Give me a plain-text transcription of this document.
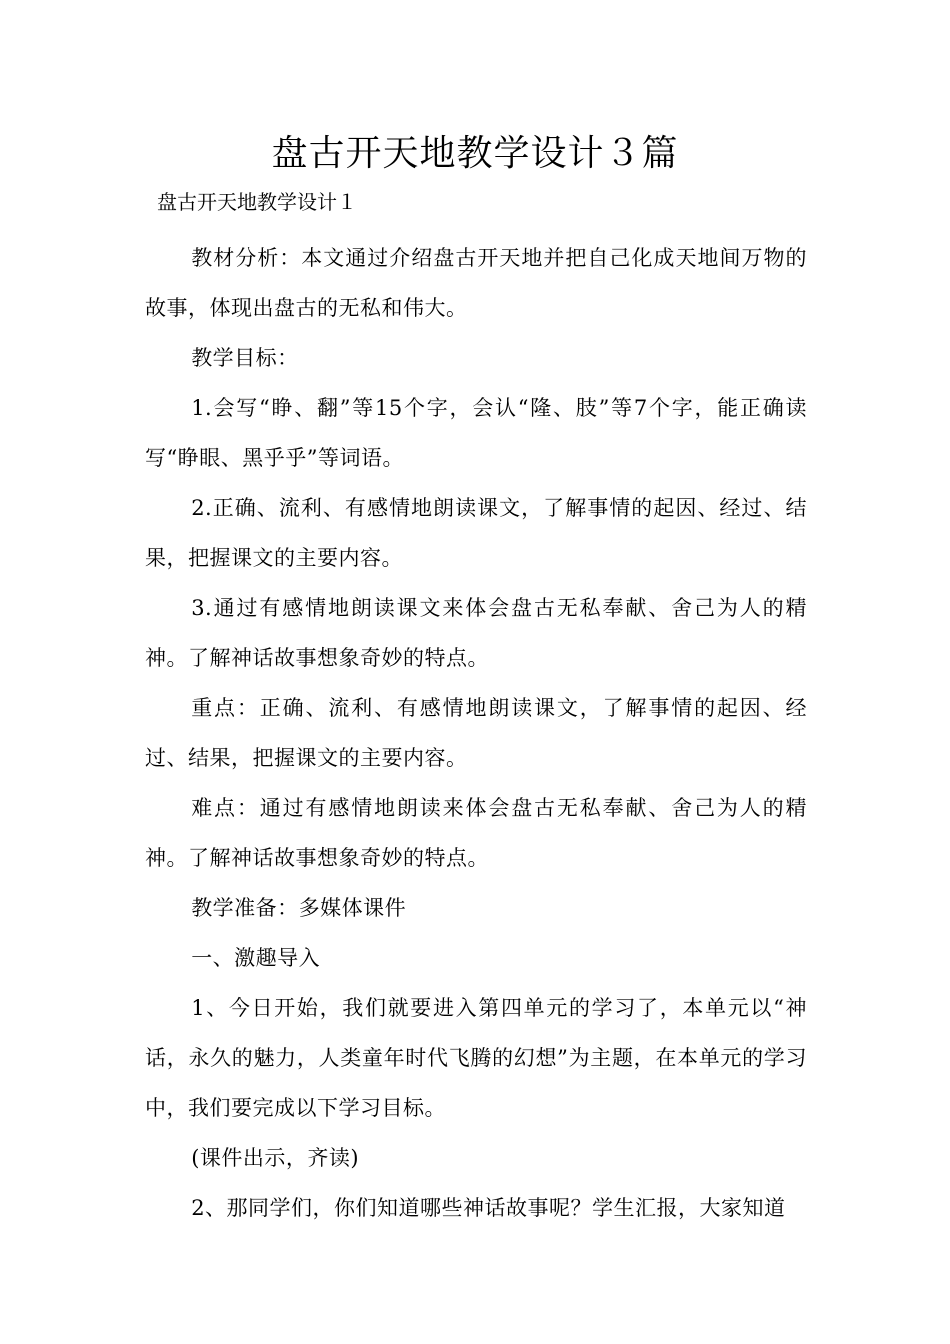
盘古开天地教学设计３篇

盘古开天地教学设计１

教材分析：本文通过介绍盘古开天地并把自己化成天地间万物的故事，体现出盘古的无私和伟大。

教学目标：

1.会写“睁、翻”等15个字，会认“隆、肢”等7个字，能正确读写“睁眼、黑乎乎”等词语。

2.正确、流利、有感情地朗读课文，了解事情的起因、经过、结果，把握课文的主要内容。

3.通过有感情地朗读课文来体会盘古无私奉献、舍己为人的精神。了解神话故事想象奇妙的特点。

重点：正确、流利、有感情地朗读课文，了解事情的起因、经过、结果，把握课文的主要内容。

难点：通过有感情地朗读来体会盘古无私奉献、舍己为人的精神。了解神话故事想象奇妙的特点。

教学准备：多媒体课件

一、激趣导入

1、今日开始，我们就要进入第四单元的学习了，本单元以“神话，永久的魅力，人类童年时代飞腾的幻想”为主题，在本单元的学习中，我们要完成以下学习目标。

(课件出示，齐读)

2、那同学们，你们知道哪些神话故事呢？学生汇报，大家知道
